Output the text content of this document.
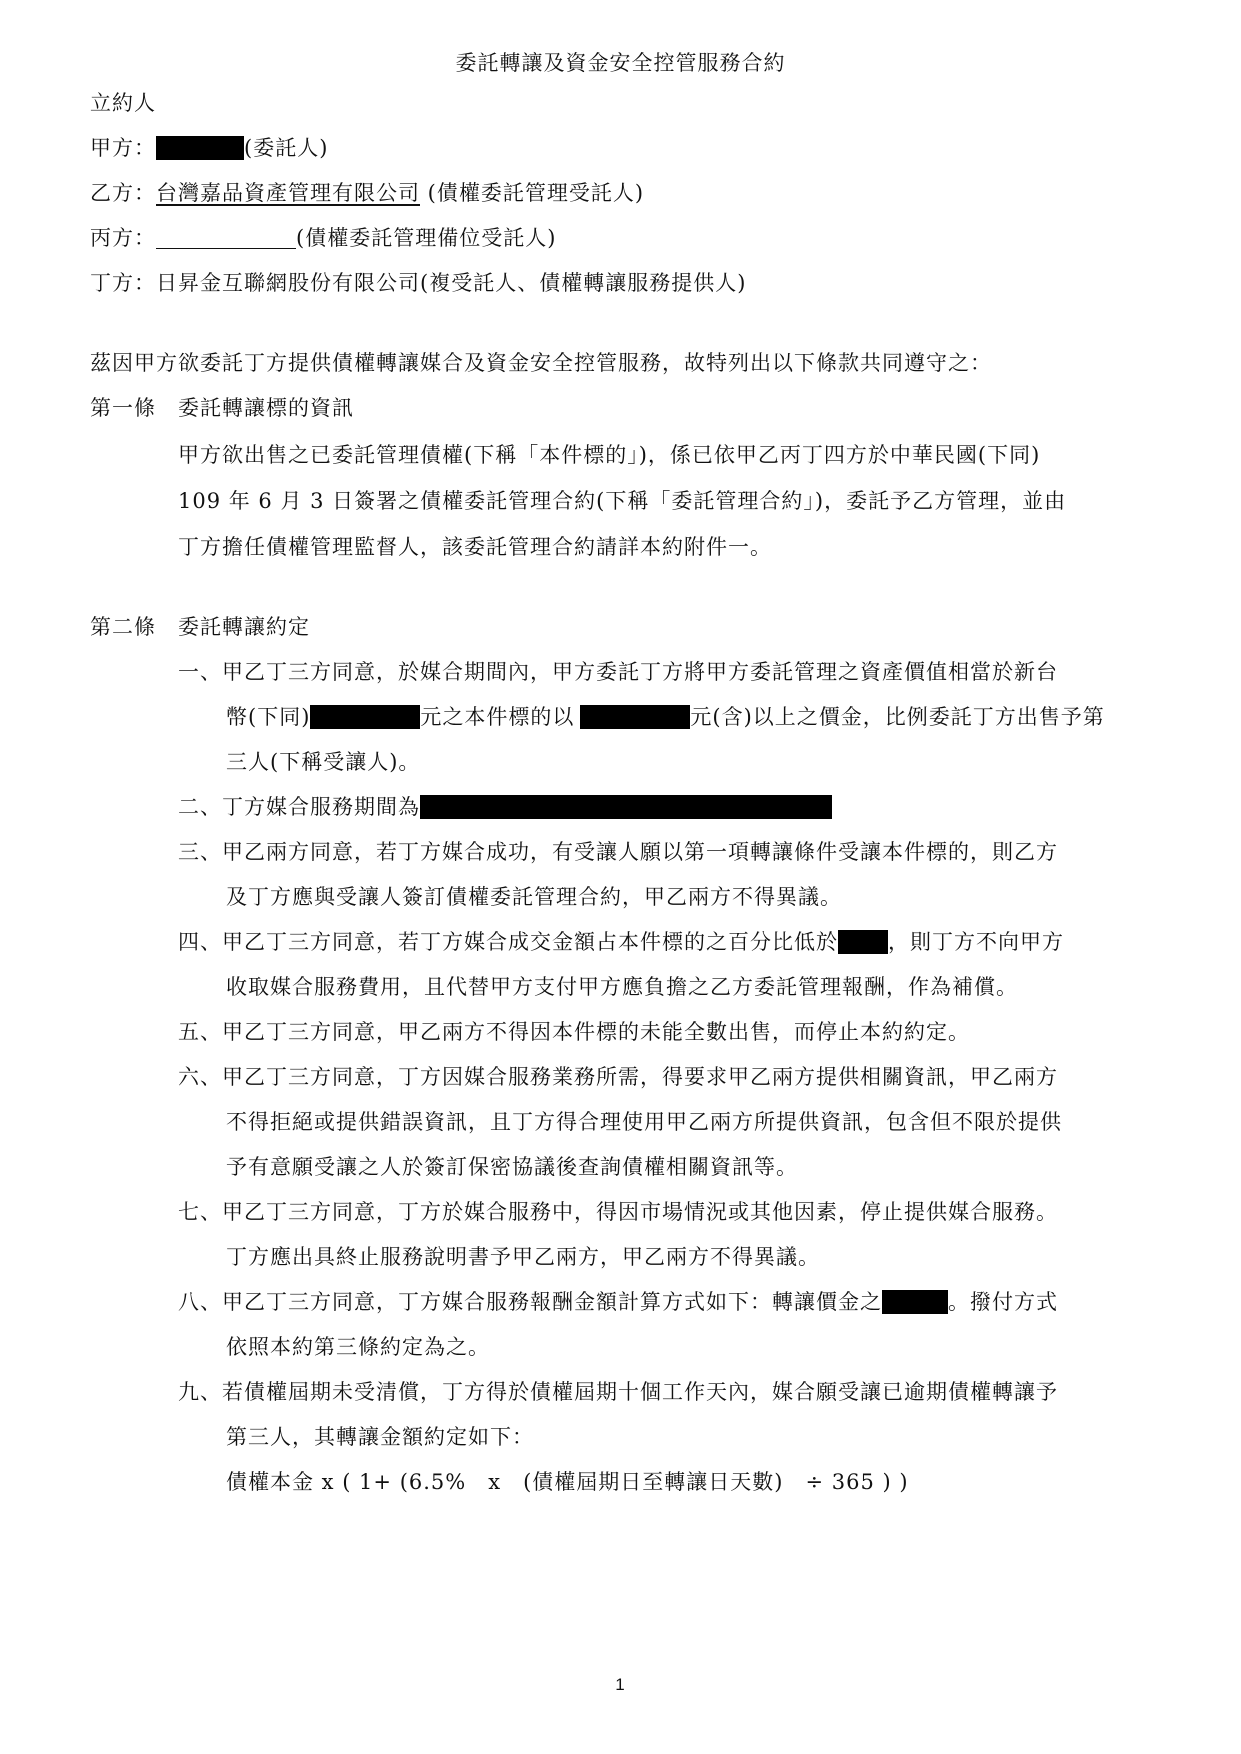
委託轉讓及資金安全控管服務合約
立約人
甲方：	(委託人)
乙方：台灣嘉品資產管理有限公司 (債權委託管理受託人)
丙方：	(債權委託管理備位受託人)
丁方：日昇金互聯網股份有限公司(複受託人、債權轉讓服務提供人)
茲因甲方欲委託丁方提供債權轉讓媒合及資金安全控管服務，故特列出以下條款共同遵守之：
第一條　委託轉讓標的資訊
甲方欲出售之已委託管理債權(下稱「本件標的」)，係已依甲乙丙丁四方於中華民國(下同)
109 年 6 月 3 日簽署之債權委託管理合約(下稱「委託管理合約」)，委託予乙方管理，並由
丁方擔任債權管理監督人，該委託管理合約請詳本約附件一。
第二條　委託轉讓約定
一、甲乙丁三方同意，於媒合期間內，甲方委託丁方將甲方委託管理之資產價值相當於新台
幣(下同)	元之本件標的以	元(含)以上之價金，比例委託丁方出售予第
三人(下稱受讓人)。
二、丁方媒合服務期間為
三、甲乙兩方同意，若丁方媒合成功，有受讓人願以第一項轉讓條件受讓本件標的，則乙方
及丁方應與受讓人簽訂債權委託管理合約，甲乙兩方不得異議。
四、甲乙丁三方同意，若丁方媒合成交金額占本件標的之百分比低於 ，則丁方不向甲方
收取媒合服務費用，且代替甲方支付甲方應負擔之乙方委託管理報酬，作為補償。
五、甲乙丁三方同意，甲乙兩方不得因本件標的未能全數出售，而停止本約約定。
六、甲乙丁三方同意，丁方因媒合服務業務所需，得要求甲乙兩方提供相關資訊，甲乙兩方
不得拒絕或提供錯誤資訊，且丁方得合理使用甲乙兩方所提供資訊，包含但不限於提供
予有意願受讓之人於簽訂保密協議後查詢債權相關資訊等。
七、甲乙丁三方同意，丁方於媒合服務中，得因市場情況或其他因素，停止提供媒合服務。
丁方應出具終止服務說明書予甲乙兩方，甲乙兩方不得異議。
八、甲乙丁三方同意，丁方媒合服務報酬金額計算方式如下：轉讓價金之	。撥付方式
依照本約第三條約定為之。
九、若債權屆期未受清償，丁方得於債權屆期十個工作天內，媒合願受讓已逾期債權轉讓予
第三人，其轉讓金額約定如下：
債權本金 x ( 1+ (6.5%　x　(債權屆期日至轉讓日天數)　÷ 365 ) )
1
